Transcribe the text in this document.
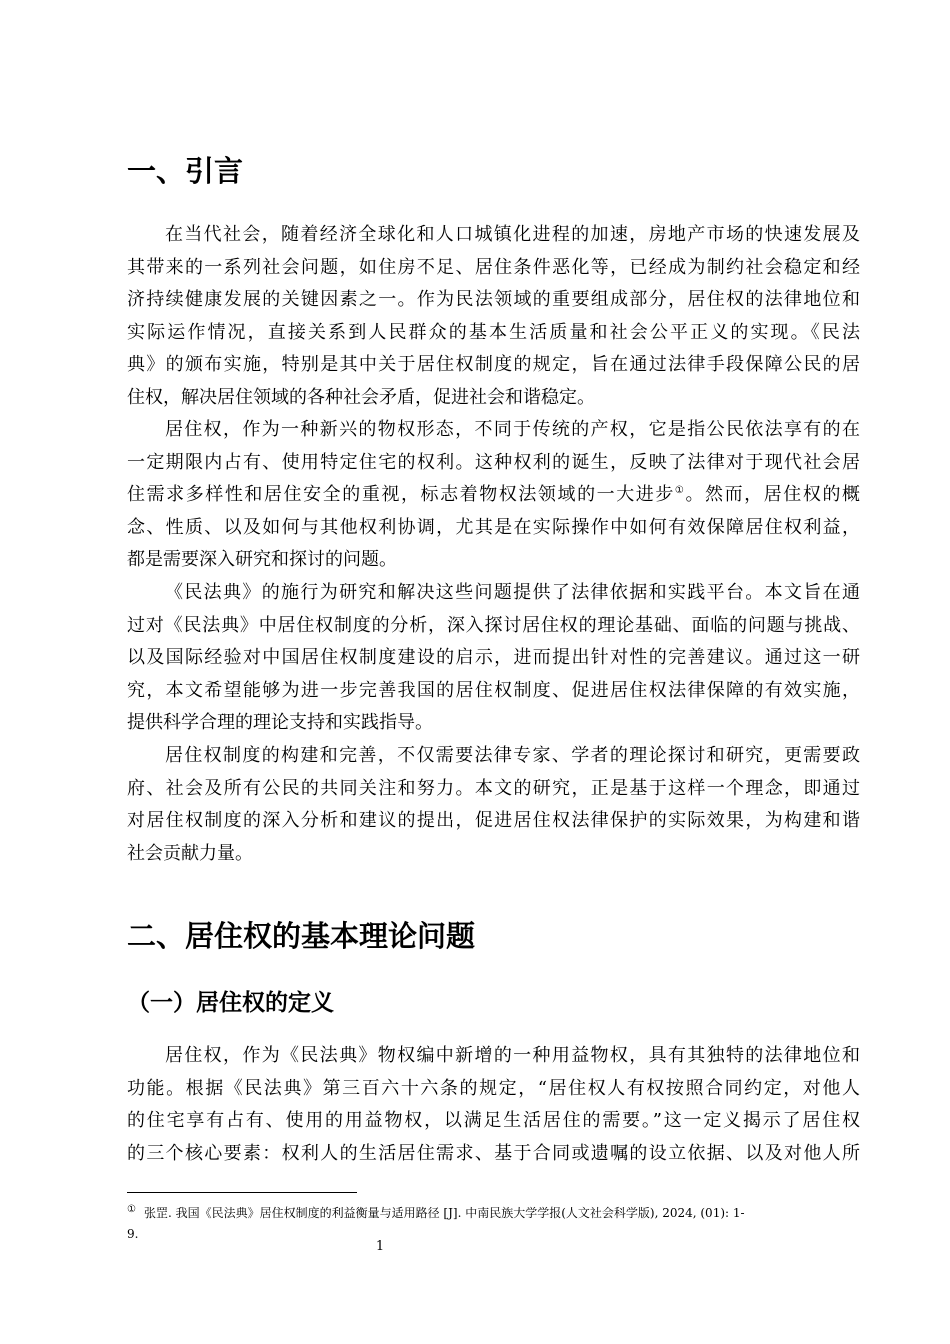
一、引言
在当代社会，随着经济全球化和人口城镇化进程的加速，房地产市场的快速发展及
其带来的一系列社会问题，如住房不足、居住条件恶化等，已经成为制约社会稳定和经
济持续健康发展的关键因素之一。作为民法领域的重要组成部分，居住权的法律地位和
实际运作情况，直接关系到人民群众的基本生活质量和社会公平正义的实现。《民法
典》的颁布实施，特别是其中关于居住权制度的规定，旨在通过法律手段保障公民的居
住权，解决居住领域的各种社会矛盾，促进社会和谐稳定。
居住权，作为一种新兴的物权形态，不同于传统的产权，它是指公民依法享有的在
一定期限内占有、使用特定住宅的权利。这种权利的诞生，反映了法律对于现代社会居
住需求多样性和居住安全的重视，标志着物权法领域的一大进步①。然而，居住权的概
念、性质、以及如何与其他权利协调，尤其是在实际操作中如何有效保障居住权利益，
都是需要深入研究和探讨的问题。
《民法典》的施行为研究和解决这些问题提供了法律依据和实践平台。本文旨在通
过对《民法典》中居住权制度的分析，深入探讨居住权的理论基础、面临的问题与挑战、
以及国际经验对中国居住权制度建设的启示，进而提出针对性的完善建议。通过这一研
究，本文希望能够为进一步完善我国的居住权制度、促进居住权法律保障的有效实施，
提供科学合理的理论支持和实践指导。
居住权制度的构建和完善，不仅需要法律专家、学者的理论探讨和研究，更需要政
府、社会及所有公民的共同关注和努力。本文的研究，正是基于这样一个理念，即通过
对居住权制度的深入分析和建议的提出，促进居住权法律保护的实际效果，为构建和谐
社会贡献力量。
二、居住权的基本理论问题
（一）居住权的定义
居住权，作为《民法典》物权编中新增的一种用益物权，具有其独特的法律地位和
功能。根据《民法典》第三百六十六条的规定，“居住权人有权按照合同约定，对他人
的住宅享有占有、使用的用益物权，以满足生活居住的需要。”这一定义揭示了居住权
的三个核心要素：权利人的生活居住需求、基于合同或遗嘱的设立依据、以及对他人所
① 张罡. 我国《民法典》居住权制度的利益衡量与适用路径 [J]. 中南民族大学学报(人文社会科学版), 2024, (01): 1-
9.
1
